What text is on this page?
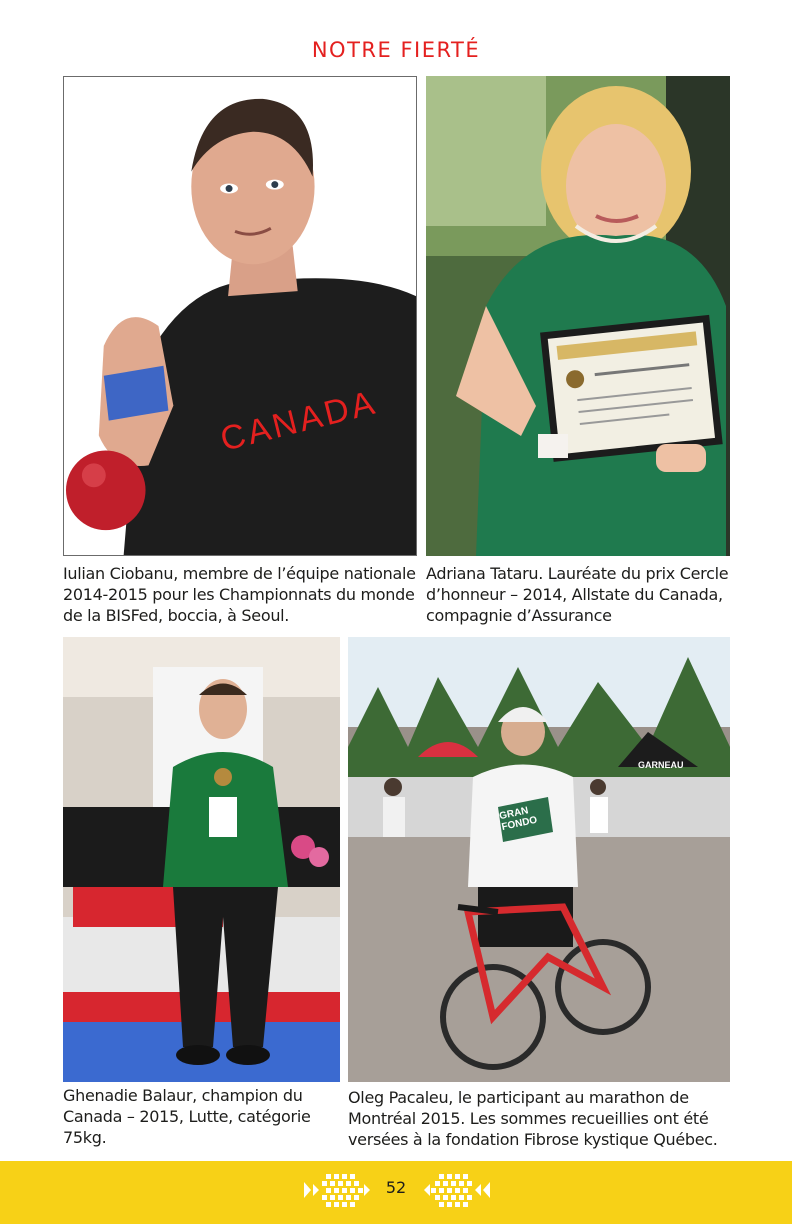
NOTRE FIERTÉ
CANADA

Iulian Ciobanu, membre de l’équipe nationale 2014-2015 pour les Championnats du monde de la BISFed, boccia, à Seoul.

Adriana Tataru. Lauréate du prix Cercle d’honneur – 2014, Allstate du Canada, compagnie d’Assurance

GRAN FONDO
GARNEAU

Ghenadie Balaur, champion du Canada – 2015, Lutte, catégorie 75kg.

Oleg Pacaleu, le participant au marathon de Montréal 2015. Les sommes recueillies ont été versées à la fondation Fibrose kystique Québec.

52
